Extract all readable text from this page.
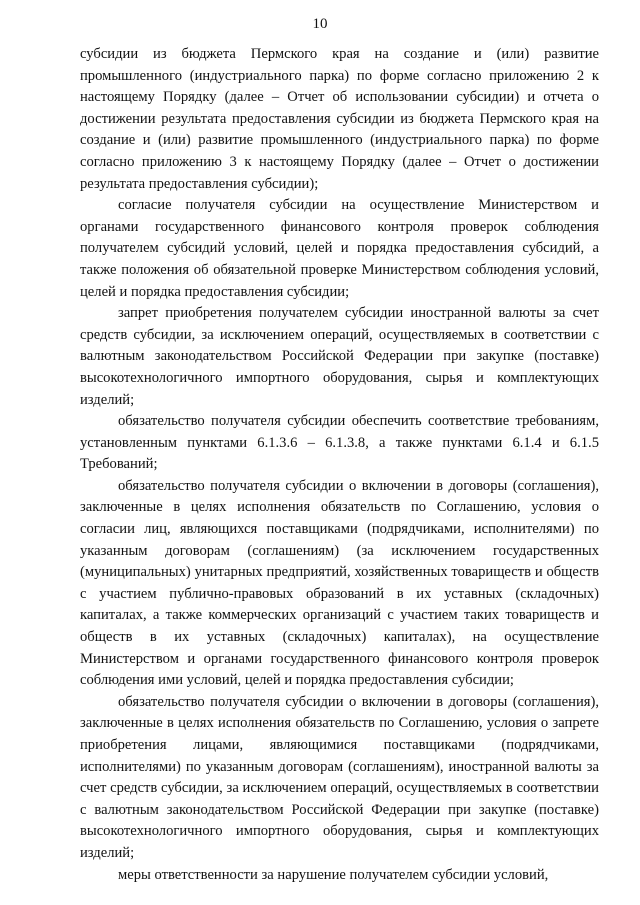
10

субсидии из бюджета Пермского края на создание и (или) развитие промышленного (индустриального парка) по форме согласно приложению 2 к настоящему Порядку (далее – Отчет об использовании субсидии) и отчета о достижении результата предоставления субсидии из бюджета Пермского края на создание и (или) развитие промышленного (индустриального парка) по форме согласно приложению 3 к настоящему Порядку (далее – Отчет о достижении результата предоставления субсидии);

согласие получателя субсидии на осуществление Министерством и органами государственного финансового контроля проверок соблюдения получателем субсидий условий, целей и порядка предоставления субсидий, а также положения об обязательной проверке Министерством соблюдения условий, целей и порядка предоставления субсидии;

запрет приобретения получателем субсидии иностранной валюты за счет средств субсидии, за исключением операций, осуществляемых в соответствии с валютным законодательством Российской Федерации при закупке (поставке) высокотехнологичного импортного оборудования, сырья и комплектующих изделий;

обязательство получателя субсидии обеспечить соответствие требованиям, установленным пунктами 6.1.3.6 – 6.1.3.8, а также пунктами 6.1.4 и 6.1.5 Требований;

обязательство получателя субсидии о включении в договоры (соглашения), заключенные в целях исполнения обязательств по Соглашению, условия о согласии лиц, являющихся поставщиками (подрядчиками, исполнителями) по указанным договорам (соглашениям) (за исключением государственных (муниципальных) унитарных предприятий, хозяйственных товариществ и обществ с участием публично-правовых образований в их уставных (складочных) капиталах, а также коммерческих организаций с участием таких товариществ и обществ в их уставных (складочных) капиталах), на осуществление Министерством и органами государственного финансового контроля проверок соблюдения ими условий, целей и порядка предоставления субсидии;

обязательство получателя субсидии о включении в договоры (соглашения), заключенные в целях исполнения обязательств по Соглашению, условия о запрете приобретения лицами, являющимися поставщиками (подрядчиками, исполнителями) по указанным договорам (соглашениям), иностранной валюты за счет средств субсидии, за исключением операций, осуществляемых в соответствии с валютным законодательством Российской Федерации при закупке (поставке) высокотехнологичного импортного оборудования, сырья и комплектующих изделий;

меры ответственности за нарушение получателем субсидии условий,
